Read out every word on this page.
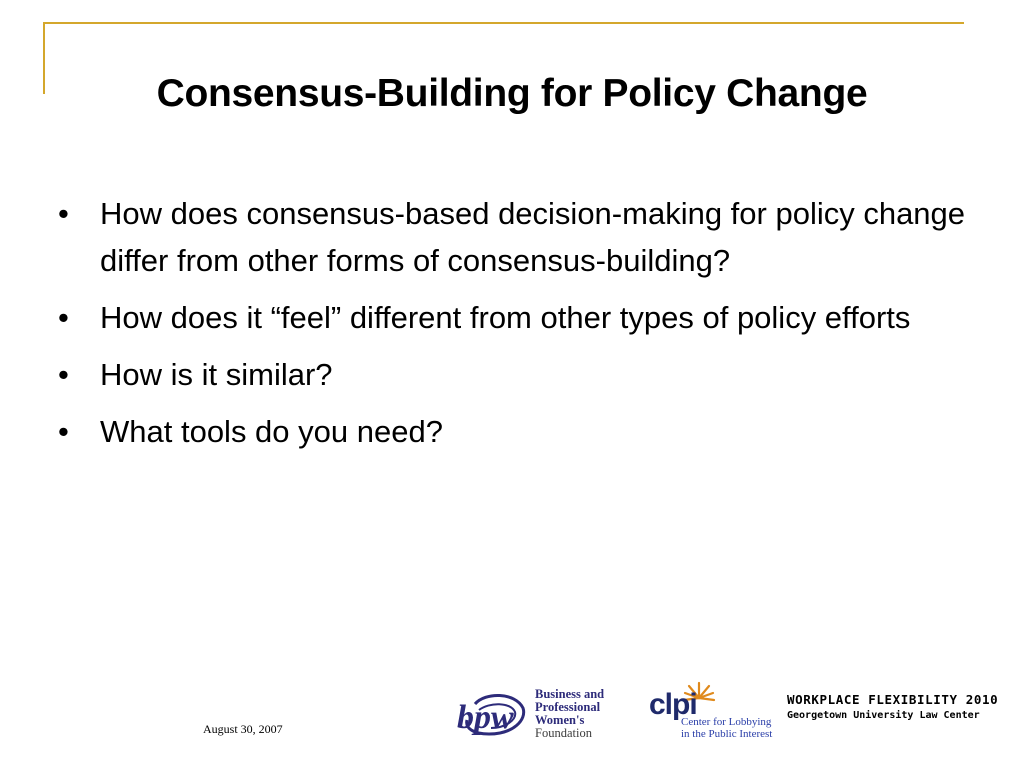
Consensus-Building for Policy Change
• How does consensus-based decision-making for policy change differ from other forms of consensus-building?
• How does it “feel” different from other types of policy efforts
• How is it similar?
• What tools do you need?
August 30, 2007	bpw
Business and
Professional
Women's
Foundation
clpi
Center for Lobbying
in the Public Interest
WORKPLACE FLEXIBILITY 2010
Georgetown University Law Center
